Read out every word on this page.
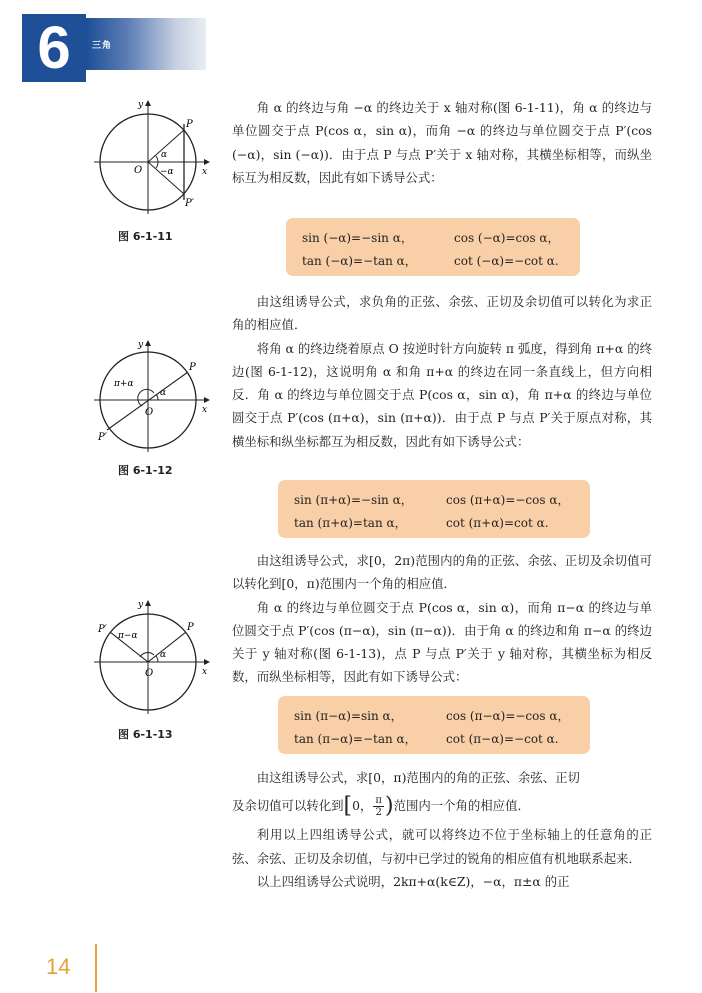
6	三角
y
x
O
P
P′
α
−α
图 6-1-11
y
x
O
P
P′
α
π+α
图 6-1-12
y
x
O
P
P′
α
π−α
图 6-1-13

角 α 的终边与角 −α 的终边关于 x 轴对称(图 6-1-11)，角 α 的终边与单位圆交于点 P(cos α，sin α)，而角 −α 的终边与单位圆交于点 P′(cos (−α)，sin (−α))．由于点 P 与点 P′关于 x 轴对称，其横坐标相等，而纵坐标互为相反数，因此有如下诱导公式：

sin (−α)=−sin α，	cos (−α)=cos α，
tan (−α)=−tan α，	cot (−α)=−cot α.

由这组诱导公式，求负角的正弦、余弦、正切及余切值可以转化为求正角的相应值．

将角 α 的终边绕着原点 O 按逆时针方向旋转 π 弧度，得到角 π+α 的终边(图 6-1-12)，这说明角 α 和角 π+α 的终边在同一条直线上，但方向相反．角 α 的终边与单位圆交于点 P(cos α，sin α)，角 π+α 的终边与单位圆交于点 P′(cos (π+α)，sin (π+α))．由于点 P 与点 P′关于原点对称，其横坐标和纵坐标都互为相反数，因此有如下诱导公式：

sin (π+α)=−sin α，	cos (π+α)=−cos α，
tan (π+α)=tan α，	cot (π+α)=cot α.

由这组诱导公式，求[0，2π)范围内的角的正弦、余弦、正切及余切值可以转化到[0，π)范围内一个角的相应值．

角 α 的终边与单位圆交于点 P(cos α，sin α)，而角 π−α 的终边与单位圆交于点 P′(cos (π−α)，sin (π−α))．由于角 α 的终边和角 π−α 的终边关于 y 轴对称(图 6-1-13)，点 P 与点 P′关于 y 轴对称，其横坐标为相反数，而纵坐标相等，因此有如下诱导公式：

sin (π−α)=sin α，	cos (π−α)=−cos α，
tan (π−α)=−tan α， cot (π−α)=−cot α.

由这组诱导公式，求[0，π)范围内的角的正弦、余弦、正切

及余切值可以转化到[0， $\frac{\pi}{2}$ )范围内一个角的相应值．

利用以上四组诱导公式，就可以将终边不位于坐标轴上的任意角的正弦、余弦、正切及余切值，与初中已学过的锐角的相应值有机地联系起来．

以上四组诱导公式说明，2kπ+α(k∈Z)，−α，π±α 的正

14
